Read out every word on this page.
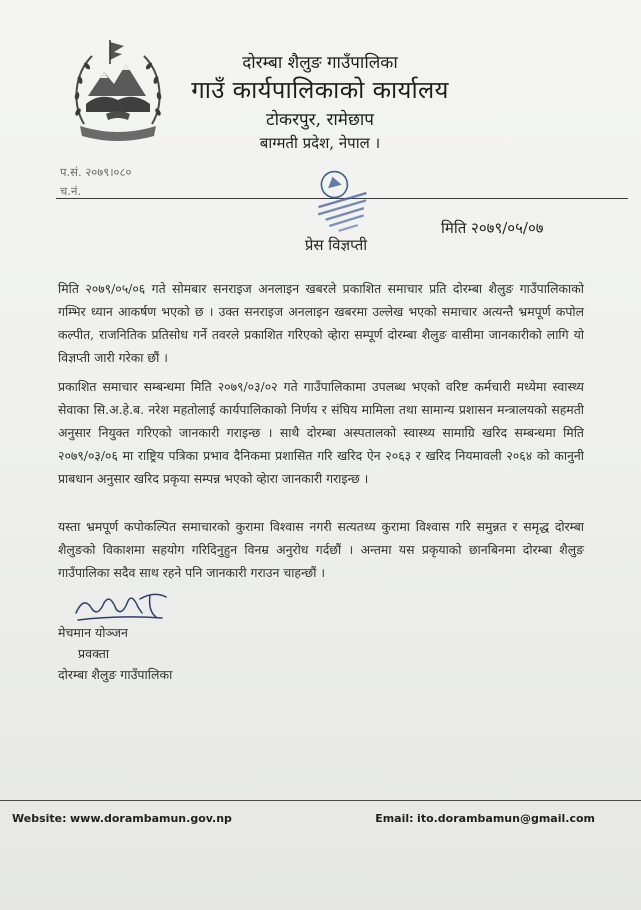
दोरम्बा शैलुङ गाउँपालिका
गाउँ कार्यपालिकाको कार्यालय
टोकरपुर, रामेछाप
बाग्मती प्रदेश, नेपाल ।
प.सं. २०७९।०८०
च.नं.
मिति २०७९/०५/०७
प्रेस विज्ञप्ती

मिति २०७९/०५/०६ गते सोमबार सनराइज अनलाइन खबरले प्रकाशित समाचार प्रति दोरम्बा शैलुङ गाउँपालिकाको गम्भिर ध्यान आकर्षण भएको छ । उक्त सनराइज अनलाइन खबरमा उल्लेख भएको समाचार अत्यन्तै भ्रमपूर्ण कपोल कल्पीत, राजनितिक प्रतिसोध गर्ने तवरले प्रकाशित गरिएको व्हेारा सम्पूर्ण दोरम्बा शैलुङ वासीमा जानकारीको लागि यो विज्ञप्ती जारी गरेका छौं ।

प्रकाशित समाचार सम्बन्धमा मिति २०७९/०३/०२ गते गाउँपालिकामा उपलब्ध भएको वरिष्ट कर्मचारी मध्येमा स्वास्थ्य सेवाका सि.अ.हे.ब. नरेश महतोलाई कार्यपालिकाको निर्णय र संघिय मामिला तथा सामान्य प्रशासन मन्त्रालयको सहमती अनुसार नियुक्त गरिएको जानकारी गराइन्छ । साथै दोरम्बा अस्पतालको स्वास्थ्य सामाग्रि खरिद सम्बन्धमा मिति २०७९/०३/०६ मा राष्ट्रिय पत्रिका प्रभाव दैनिकमा प्रशासित गरि खरिद ऐन २०६३ र खरिद नियमावली २०६४ को कानुनी प्राबधान अनुसार खरिद प्रकृया सम्पन्न भएको व्हेारा जानकारी गराइन्छ ।

यस्ता भ्रमपूर्ण कपोकल्पित समाचारको कुरामा विश्वास नगरी सत्यतथ्य कुरामा विश्वास गरि समुन्नत र समृद्ध दोरम्बा शैलुङको विकाशमा सहयोग गरिदिनुहुन विनम्र अनुरोध गर्दछौं । अन्तमा यस प्रकृयाको छानबिनमा दोरम्बा शैलुङ गाउँपालिका सदैव साथ रहने पनि जानकारी गराउन चाहन्छौं ।

मेचमान योञ्जन
प्रवक्ता
दोरम्बा शैलुङ गाउँपालिका
Website: www.dorambamun.gov.np	Email: ito.dorambamun@gmail.com
